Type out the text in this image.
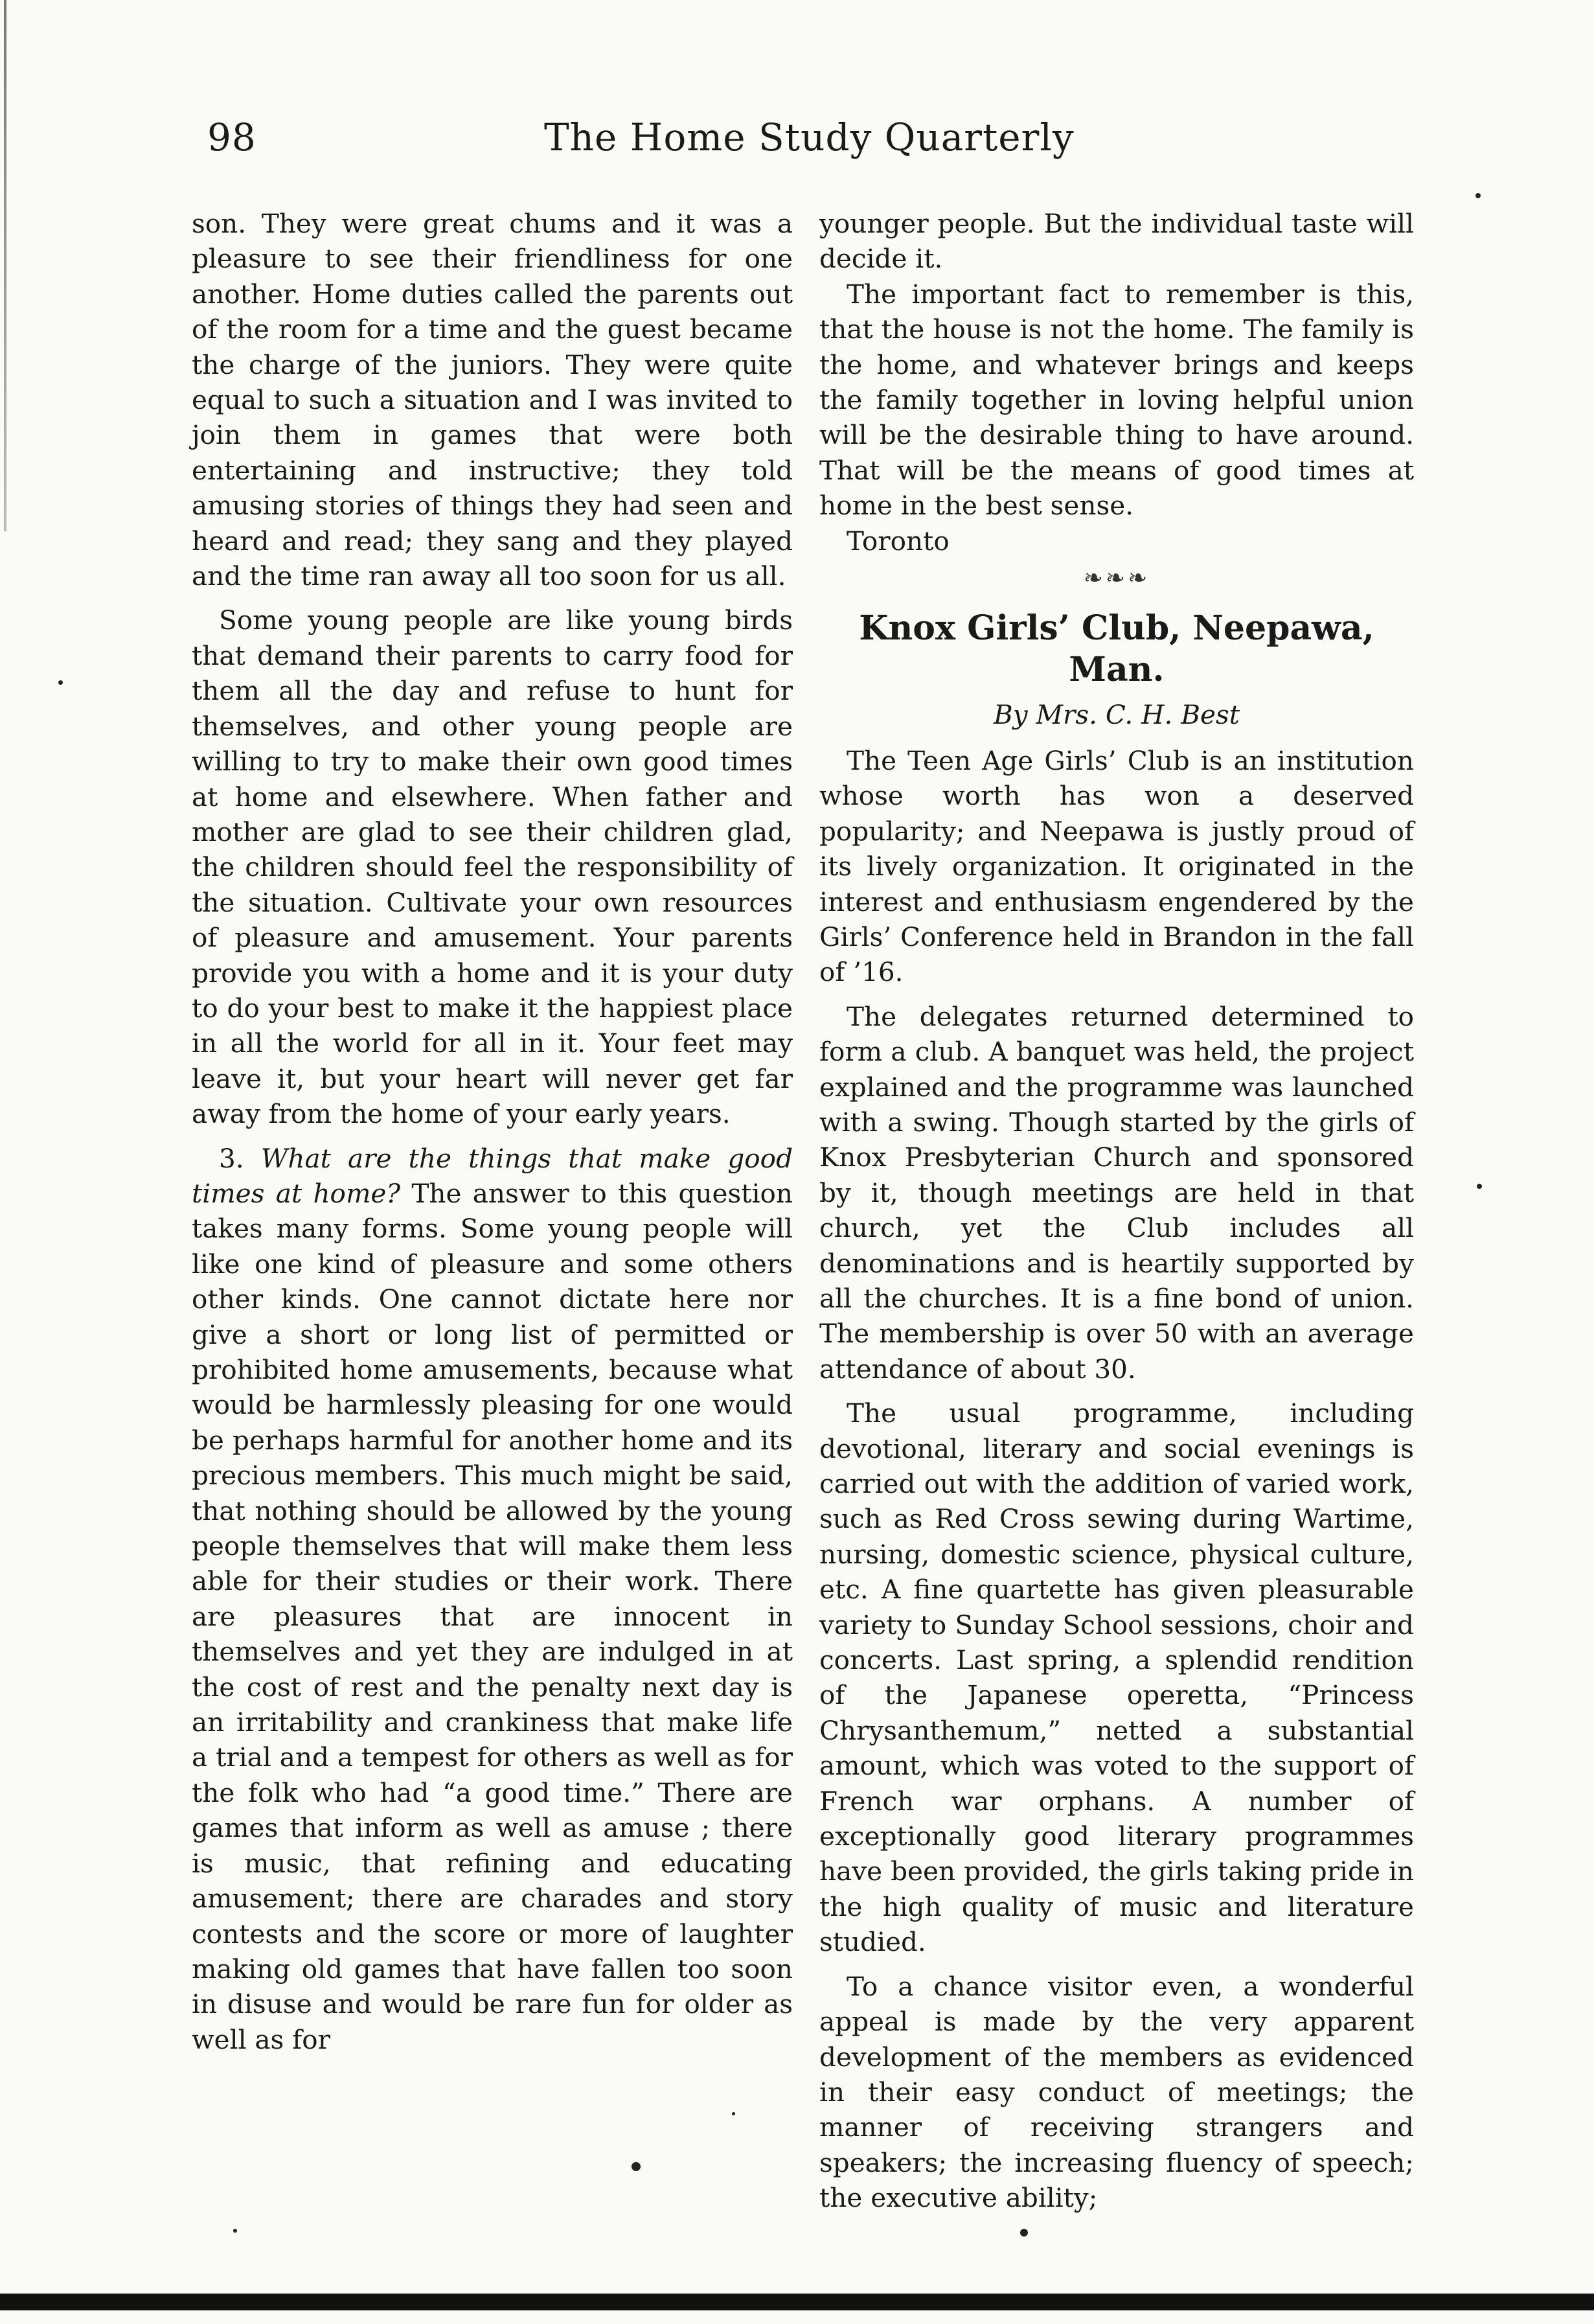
98	The Home Study Quarterly

son. They were great chums and it was a pleasure to see their friendliness for one another. Home duties called the parents out of the room for a time and the guest became the charge of the juniors. They were quite equal to such a situation and I was invited to join them in games that were both entertaining and instructive; they told amusing stories of things they had seen and heard and read; they sang and they played and the time ran away all too soon for us all.

Some young people are like young birds that demand their parents to carry food for them all the day and refuse to hunt for themselves, and other young people are willing to try to make their own good times at home and elsewhere. When father and mother are glad to see their children glad, the children should feel the responsibility of the situation. Cultivate your own resources of pleasure and amusement. Your parents provide you with a home and it is your duty to do your best to make it the happiest place in all the world for all in it. Your feet may leave it, but your heart will never get far away from the home of your early years.

3. What are the things that make good times at home? The answer to this question takes many forms. Some young people will like one kind of pleasure and some others other kinds. One cannot dictate here nor give a short or long list of permitted or prohibited home amusements, because what would be harmlessly pleasing for one would be perhaps harmful for another home and its precious members. This much might be said, that nothing should be allowed by the young people themselves that will make them less able for their studies or their work. There are pleasures that are innocent in themselves and yet they are indulged in at the cost of rest and the penalty next day is an irritability and crankiness that make life a trial and a tempest for others as well as for the folk who had “a good time.” There are games that inform as well as amuse ; there is music, that refining and educating amusement; there are charades and story contests and the score or more of laughter making old games that have fallen too soon in disuse and would be rare fun for older as well as for

younger people. But the individual taste will decide it.

The important fact to remember is this, that the house is not the home. The family is the home, and whatever brings and keeps the family together in loving helpful union will be the desirable thing to have around. That will be the means of good times at home in the best sense.

Toronto

❧❧❧
Knox Girls’ Club, Neepawa, Man.
By Mrs. C. H. Best

The Teen Age Girls’ Club is an institution whose worth has won a deserved popularity; and Neepawa is justly proud of its lively organization. It originated in the interest and enthusiasm engendered by the Girls’ Conference held in Brandon in the fall of ’16.

The delegates returned determined to form a club. A banquet was held, the project explained and the programme was launched with a swing. Though started by the girls of Knox Presbyterian Church and sponsored by it, though meetings are held in that church, yet the Club includes all denominations and is heartily supported by all the churches. It is a fine bond of union. The membership is over 50 with an average attendance of about 30.

The usual programme, including devotional, literary and social evenings is carried out with the addition of varied work, such as Red Cross sewing during Wartime, nursing, domestic science, physical culture, etc. A fine quartette has given pleasurable variety to Sunday School sessions, choir and concerts. Last spring, a splendid rendition of the Japanese operetta, “Princess Chrysanthemum,” netted a substantial amount, which was voted to the support of French war orphans. A number of exceptionally good literary programmes have been provided, the girls taking pride in the high quality of music and literature studied.

To a chance visitor even, a wonderful appeal is made by the very apparent development of the members as evidenced in their easy conduct of meetings; the manner of receiving strangers and speakers; the increasing fluency of speech; the executive ability;
